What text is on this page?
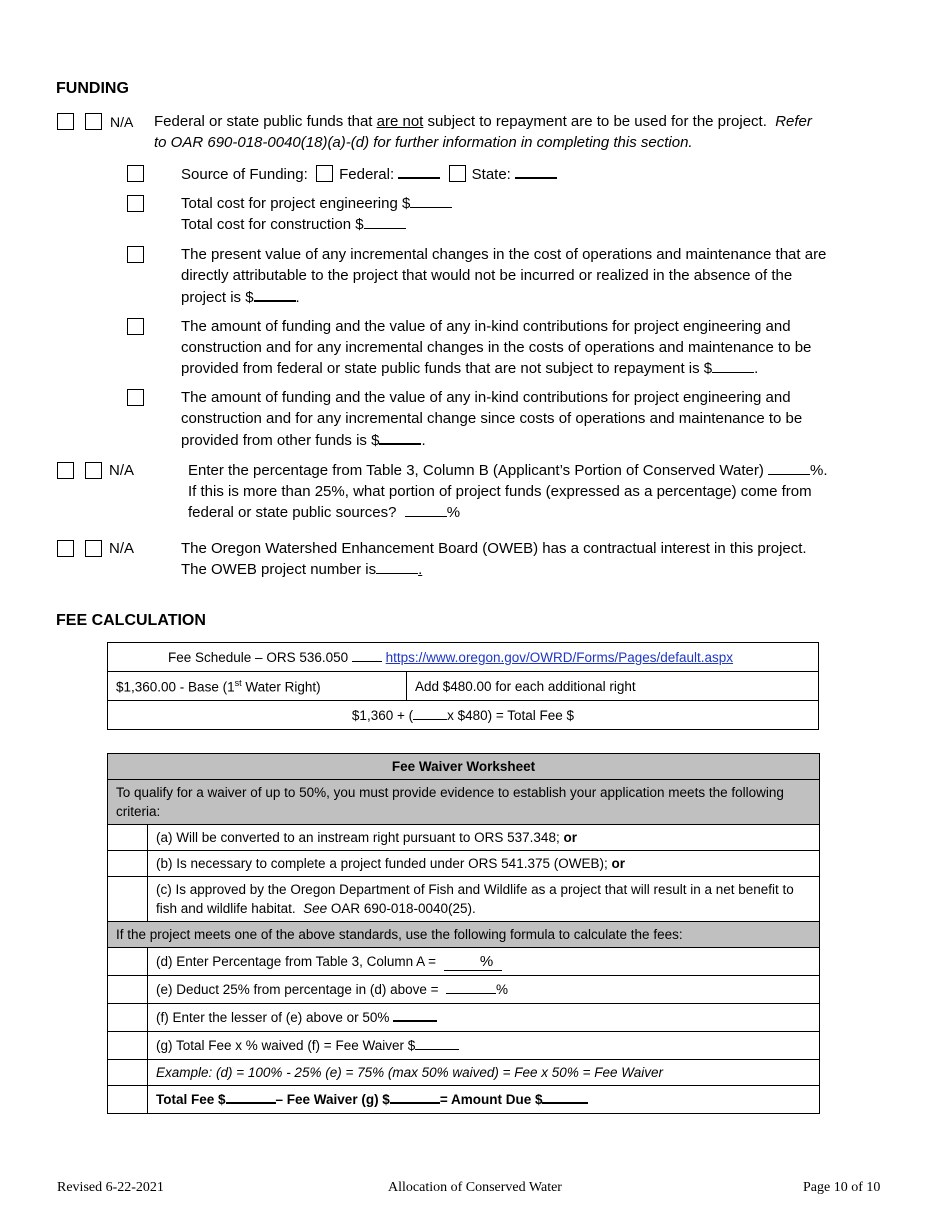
FUNDING
N/A Federal or state public funds that are not subject to repayment are to be used for the project. Refer
to OAR 690-018-0040(18)(a)-(d) for further information in completing this section.
Source of Funding: Federal:	State:
Total cost for project engineering $
Total cost for construction $
The present value of any incremental changes in the cost of operations and maintenance that are
directly attributable to the project that would not be incurred or realized in the absence of the
project is $	.
The amount of funding and the value of any in-kind contributions for project engineering and
construction and for any incremental changes in the costs of operations and maintenance to be
provided from federal or state public funds that are not subject to repayment is $	.
The amount of funding and the value of any in-kind contributions for project engineering and
construction and for any incremental change since costs of operations and maintenance to be
provided from other funds is $	.
N/A	Enter the percentage from Table 3, Column B (Applicant’s Portion of Conserved Water)	%.
If this is more than 25%, what portion of project funds (expressed as a percentage) come from
federal or state public sources?	%
N/A	The Oregon Watershed Enhancement Board (OWEB) has a contractual interest in this project.
The OWEB project number is	.
FEE CALCULATION
Fee Schedule – ORS 536.050	https://www.oregon.gov/OWRD/Forms/Pages/default.aspx
$1,360.00 - Base (1st Water Right)	Add $480.00 for each additional right
$1,360 + (	x $480) = Total Fee $
Fee Waiver Worksheet	
To qualify for a waiver of up to 50%, you must provide evidence to establish your application meets the following criteria:	
	(a) Will be converted to an instream right pursuant to ORS 537.348; or
	(b) Is necessary to complete a project funded under ORS 541.375 (OWEB); or
	(c) Is approved by the Oregon Department of Fish and Wildlife as a project that will result in a net benefit to fish and wildlife habitat. See OAR 690-018-0040(25).
If the project meets one of the above standards, use the following formula to calculate the fees:	
	(d) Enter Percentage from Table 3, Column A = %
	(e) Deduct 25% from percentage in (d) above = %
	(f) Enter the lesser of (e) above or 50%
	(g) Total Fee x % waived (f) = Fee Waiver $
	Example: (d) = 100% - 25% (e) = 75% (max 50% waived) = Fee x 50% = Fee Waiver
	Total Fee $ – Fee Waiver (g) $ = Amount Due $
Revised 6-22-2021	Allocation of Conserved Water	Page 10 of 10
